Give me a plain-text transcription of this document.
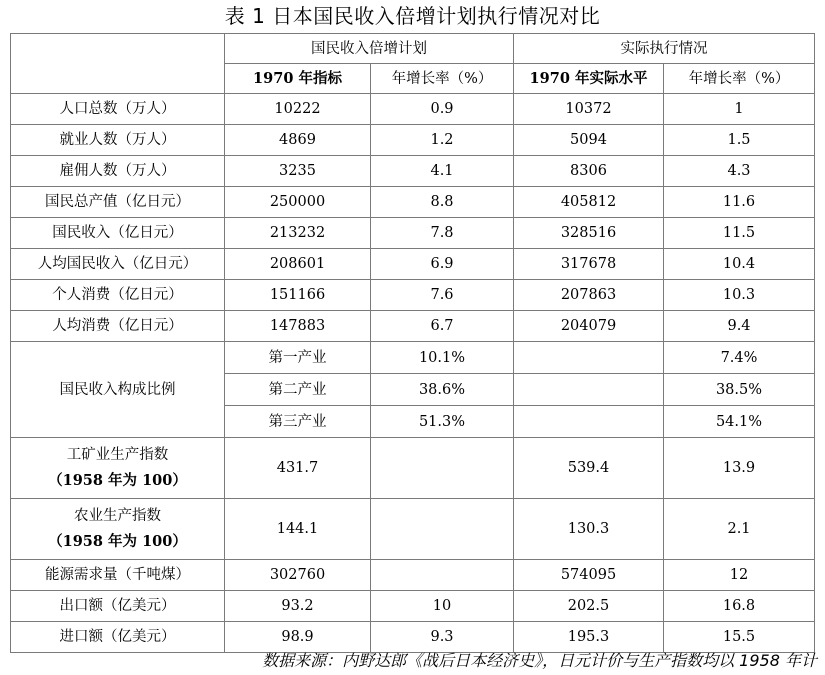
表 1 日本国民收入倍增计划执行情况对比
	国民收入倍增计划		实际执行情况	
	1970 年指标	年增长率（%）	1970 年实际水平	年增长率（%）
人口总数（万人）	10222	0.9	10372	1
就业人数（万人）	4869	1.2	5094	1.5
雇佣人数（万人）	3235	4.1	8306	4.3
国民总产值（亿日元）	250000	8.8	405812	11.6
国民收入（亿日元）	213232	7.8	328516	11.5
人均国民收入（亿日元）	208601	6.9	317678	10.4
个人消费（亿日元）	151166	7.6	207863	10.3
人均消费（亿日元）	147883	6.7	204079	9.4
国民收入构成比例	第一产业	10.1%		7.4%
	第二产业	38.6%		38.5%
	第三产业	51.3%		54.1%

工矿业生产指数
（1958 年为 100）	431.7		539.4	13.9

农业生产指数
（1958 年为 100）	144.1		130.3	2.1
能源需求量（千吨煤）	302760		574095	12
出口额（亿美元）	93.2	10	202.5	16.8
进口额（亿美元）	98.9	9.3	195.3	15.5
数据来源：内野达郎《战后日本经济史》，日元计价与生产指数均以 1958 年计
